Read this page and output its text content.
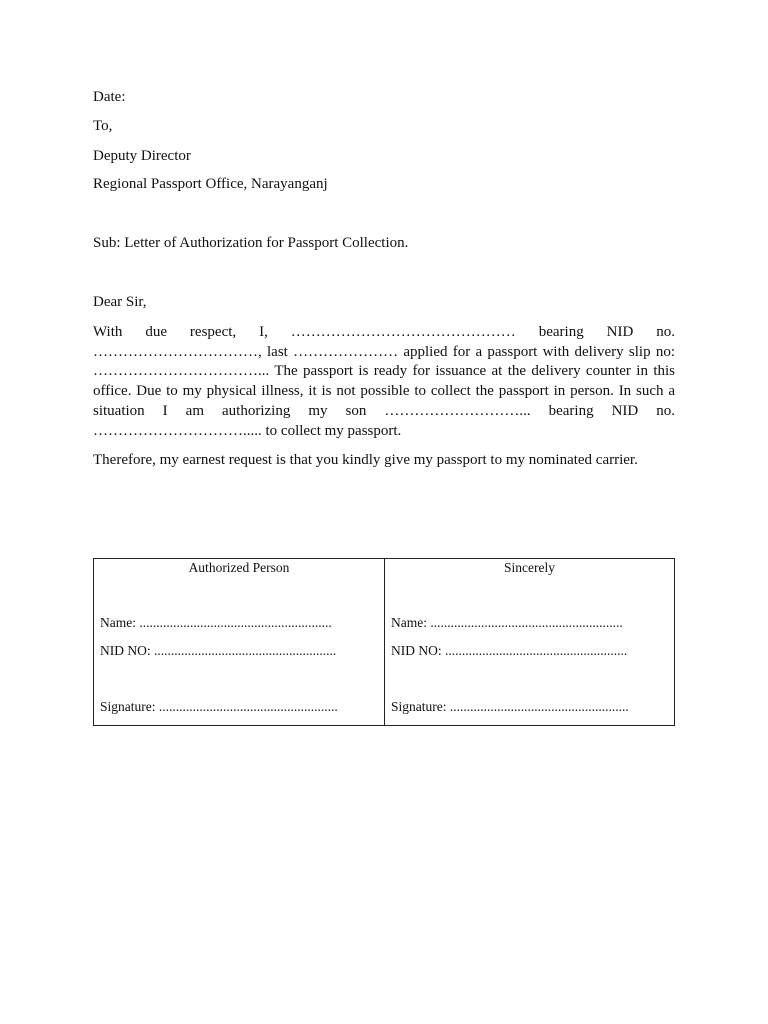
Date:
To,
Deputy Director
Regional Passport Office, Narayanganj
Sub: Letter of Authorization for Passport Collection.
Dear Sir,
With due respect, I, ……………………………………… bearing NID no. ……………………………, last ………………… applied for a passport with delivery slip no: ……………………………... The passport is ready for issuance at the delivery counter in this office. Due to my physical illness, it is not possible to collect the passport in person. In such a situation I am authorizing my son ………………………... bearing NID no. …………………………..... to collect my passport.
Therefore, my earnest request is that you kindly give my passport to my nominated carrier.
Authorized Person
Name: .........................................................
NID NO: ......................................................
Signature: .....................................................
Sincerely
Name: .........................................................
NID NO: ......................................................
Signature: .....................................................
